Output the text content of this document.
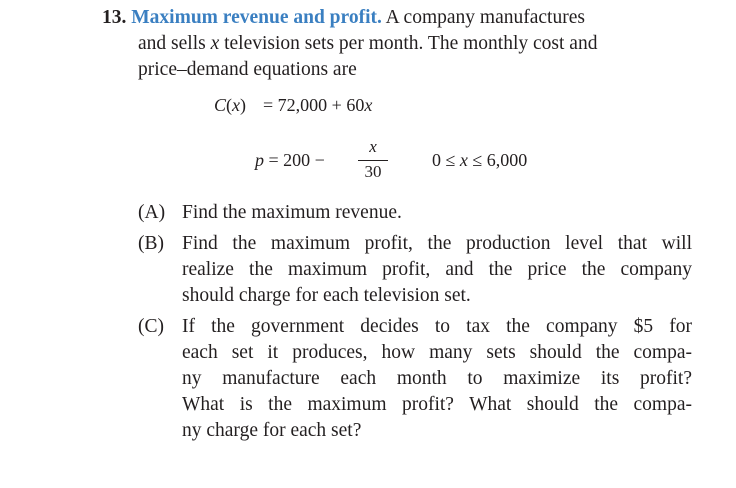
13. Maximum revenue and profit. A company manufactures
and sells x television sets per month. The monthly cost and
price–demand equations are
C(x) = 72,000 + 60x
p = 200 −
x
30
0 ≤ x ≤ 6,000
(A) Find the maximum revenue.
(B) Find the maximum profit, the production level that will
realize the maximum profit, and the price the company
should charge for each television set.
(C) If the government decides to tax the company $5 for
each set it produces, how many sets should the compa-
ny manufacture each month to maximize its profit?
What is the maximum profit? What should the compa-
ny charge for each set?
